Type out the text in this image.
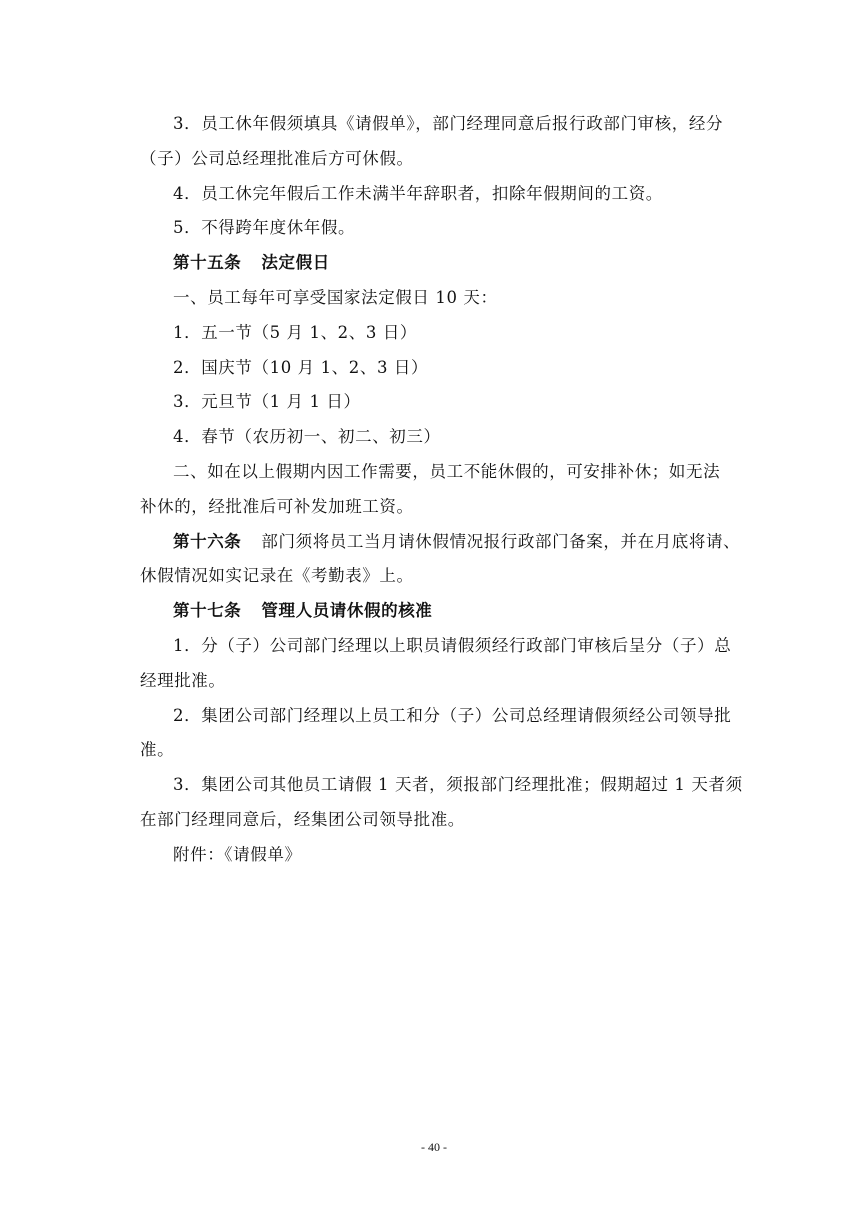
3．员工休年假须填具《请假单》，部门经理同意后报行政部门审核，经分
（子）公司总经理批准后方可休假。
4．员工休完年假后工作未满半年辞职者，扣除年假期间的工资。
5．不得跨年度休年假。
第十五条 法定假日
一、员工每年可享受国家法定假日 10 天：
1．五一节（5 月 1、2、3 日）
2．国庆节（10 月 1、2、3 日）
3．元旦节（1 月 1 日）
4．春节（农历初一、初二、初三）
二、如在以上假期内因工作需要，员工不能休假的，可安排补休；如无法
补休的，经批准后可补发加班工资。
第十六条 部门须将员工当月请休假情况报行政部门备案，并在月底将请、
休假情况如实记录在《考勤表》上。
第十七条 管理人员请休假的核准
1．分（子）公司部门经理以上职员请假须经行政部门审核后呈分（子）总
经理批准。
2．集团公司部门经理以上员工和分（子）公司总经理请假须经公司领导批
准。
3．集团公司其他员工请假 1 天者，须报部门经理批准；假期超过 1 天者须
在部门经理同意后，经集团公司领导批准。
附件：《请假单》
- 40 -
